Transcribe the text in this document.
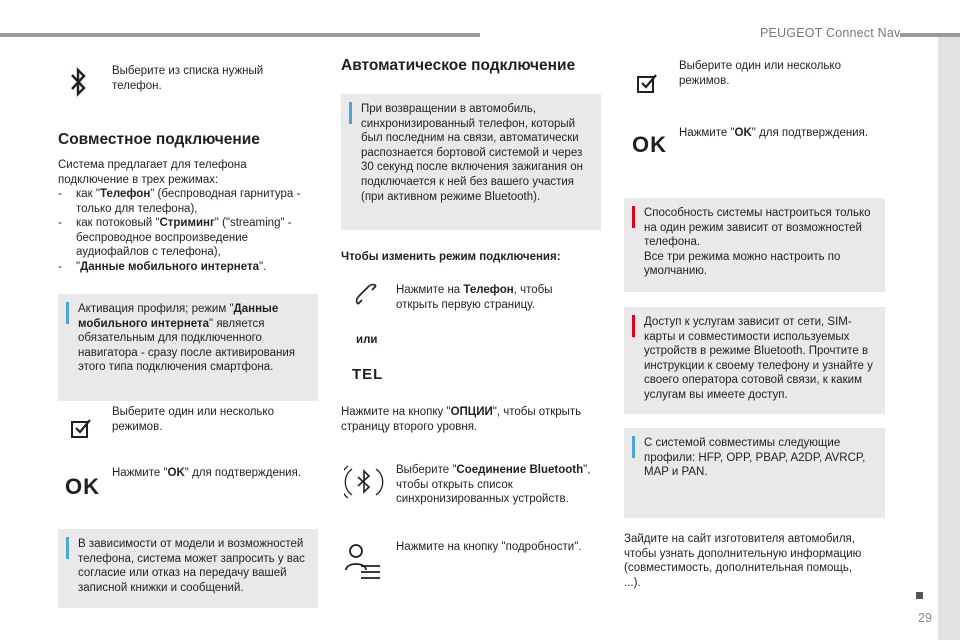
PEUGEOT Connect Nav
29
Выберите из списка нужный телефон.
Совместное подключение
Система предлагает для телефона подключение в трех режимах:
- как "Телефон" (беспроводная гарнитура - только для телефона),
- как потоковый "Стриминг" ("streaming" - беспроводное воспроизведение аудиофайлов с телефона),
- "Данные мобильного интернета".
Активация профиля; режим "Данные мобильного интернета" является обязательным для подключенного навигатора - сразу после активирования этого типа подключения смартфона.
Выберите один или несколько режимов.
OK
Нажмите "OK" для подтверждения.
В зависимости от модели и возможностей телефона, система может запросить у вас согласие или отказ на передачу вашей записной книжки и сообщений.
Автоматическое подключение
При возвращении в автомобиль, синхронизированный телефон, который был последним на связи, автоматически распознается бортовой системой и через 30 секунд после включения зажигания он подключается к ней без вашего участия (при активном режиме Bluetooth).
Чтобы изменить режим подключения:
Нажмите на Телефон, чтобы открыть первую страницу.
или
TEL
Нажмите на кнопку "ОПЦИИ", чтобы открыть страницу второго уровня.
Выберите "Соединение Bluetooth", чтобы открыть список синхронизированных устройств.
Нажмите на кнопку "подробности".
Выберите один или несколько режимов.
OK Нажмите "OK" для подтверждения.
Способность системы настроиться только на один режим зависит от возможностей телефона.
Все три режима можно настроить по умолчанию.
Доступ к услугам зависит от сети, SIM-карты и совместимости используемых устройств в режиме Bluetooth. Прочтите в инструкции к своему телефону и узнайте у своего оператора сотовой связи, к каким услугам вы имеете доступ.
С системой совместимы следующие профили: HFP, OPP, PBAP, A2DP, AVRCP, MAP и PAN.
Зайдите на сайт изготовителя автомобиля, чтобы узнать дополнительную информацию (совместимость, дополнительная помощь, ...).
